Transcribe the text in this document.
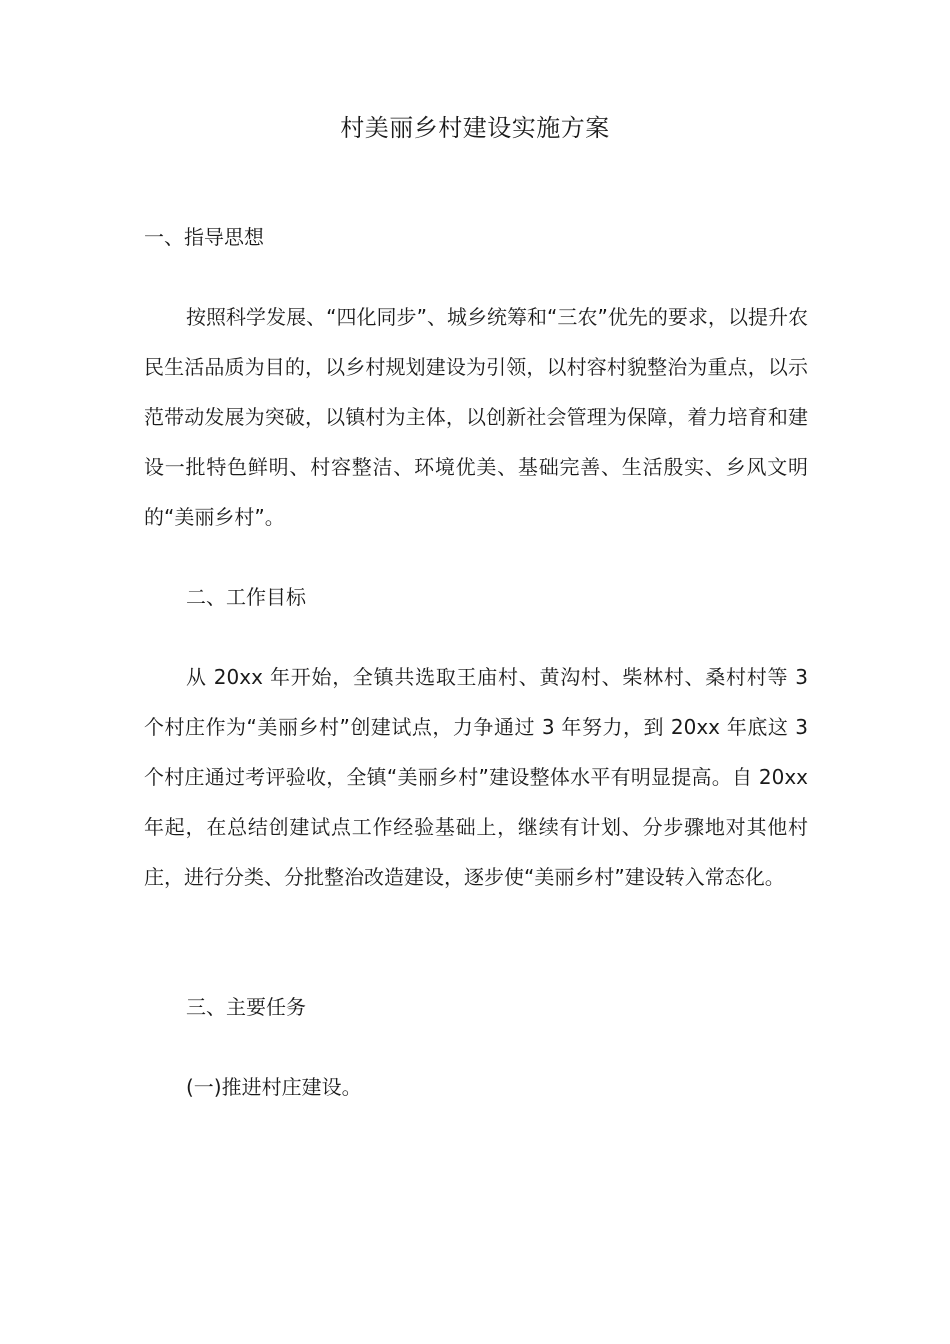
村美丽乡村建设实施方案

一、指导思想

按照科学发展、“四化同步”、城乡统筹和“三农”优先的要求，以提升农民生活品质为目的，以乡村规划建设为引领，以村容村貌整治为重点，以示范带动发展为突破，以镇村为主体，以创新社会管理为保障，着力培育和建设一批特色鲜明、村容整洁、环境优美、基础完善、生活殷实、乡风文明的“美丽乡村”。

二、工作目标

从 20xx 年开始，全镇共选取王庙村、黄沟村、柴林村、桑村村等 3 个村庄作为“美丽乡村”创建试点，力争通过 3 年努力，到 20xx 年底这 3 个村庄通过考评验收，全镇“美丽乡村”建设整体水平有明显提高。自 20xx 年起，在总结创建试点工作经验基础上，继续有计划、分步骤地对其他村庄，进行分类、分批整治改造建设，逐步使“美丽乡村”建设转入常态化。

三、主要任务

(一)推进村庄建设。
